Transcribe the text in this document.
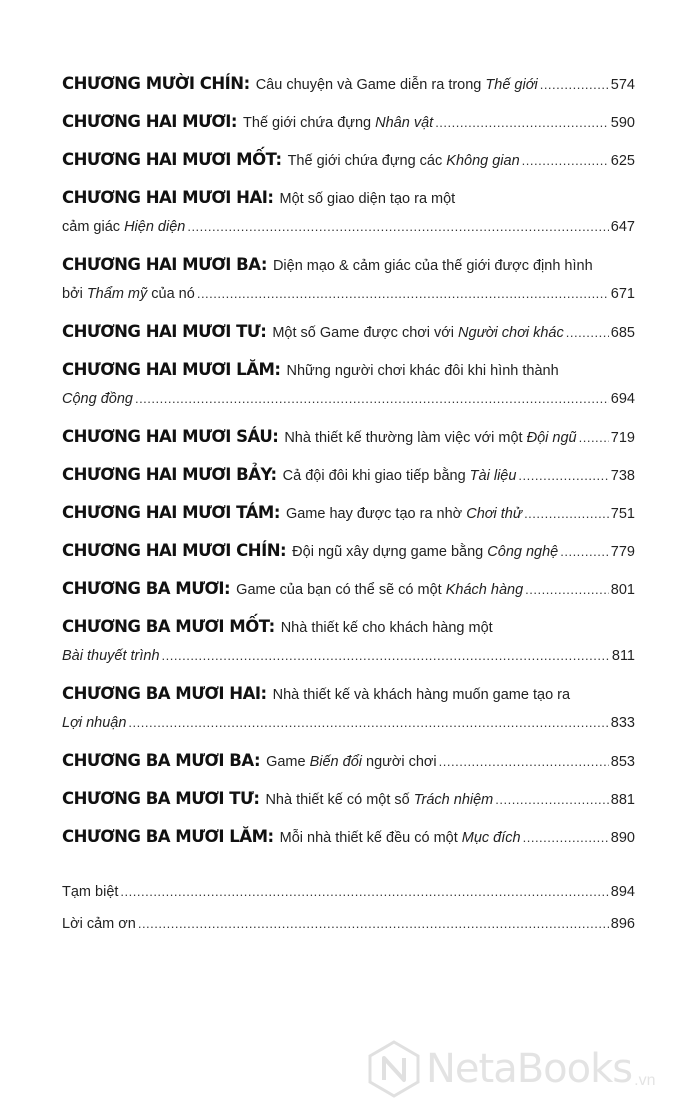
CHƯƠNG MƯỜI CHÍN: Câu chuyện và Game diễn ra trong Thế giới .....	574
CHƯƠNG HAI MƯƠI: Thế giới chứa đựng Nhân vật .....	590
CHƯƠNG HAI MƯƠI MỐT: Thế giới chứa đựng các Không gian .....	625
CHƯƠNG HAI MƯƠI HAI: Một số giao diện tạo ra một
cảm giác Hiện diện .....	647
CHƯƠNG HAI MƯƠI BA: Diện mạo & cảm giác của thế giới được định hình
bởi Thẩm mỹ của nó .....	671
CHƯƠNG HAI MƯƠI TƯ: Một số Game được chơi với Người chơi khác .....	685
CHƯƠNG HAI MƯƠI LĂM: Những người chơi khác đôi khi hình thành
Cộng đồng .....	694
CHƯƠNG HAI MƯƠI SÁU: Nhà thiết kế thường làm việc với một Đội ngũ ..... 719
CHƯƠNG HAI MƯƠI BẢY: Cả đội đôi khi giao tiếp bằng Tài liệu .....	738
CHƯƠNG HAI MƯƠI TÁM: Game hay được tạo ra nhờ Chơi thử .....	751
CHƯƠNG HAI MƯƠI CHÍN: Đội ngũ xây dựng game bằng Công nghệ .....	779
CHƯƠNG BA MƯƠI: Game của bạn có thể sẽ có một Khách hàng .....	801
CHƯƠNG BA MƯƠI MỐT: Nhà thiết kế cho khách hàng một
Bài thuyết trình .....	811
CHƯƠNG BA MƯƠI HAI: Nhà thiết kế và khách hàng muốn game tạo ra
Lợi nhuận .....	833
CHƯƠNG BA MƯƠI BA: Game Biến đổi người chơi .....	853
CHƯƠNG BA MƯƠI TƯ: Nhà thiết kế có một số Trách nhiệm .....	881
CHƯƠNG BA MƯƠI LĂM: Mỗi nhà thiết kế đều có một Mục đích .....	890
Tạm biệt .....	894
Lời cảm ơn .....	896
NetaBooks .vn
